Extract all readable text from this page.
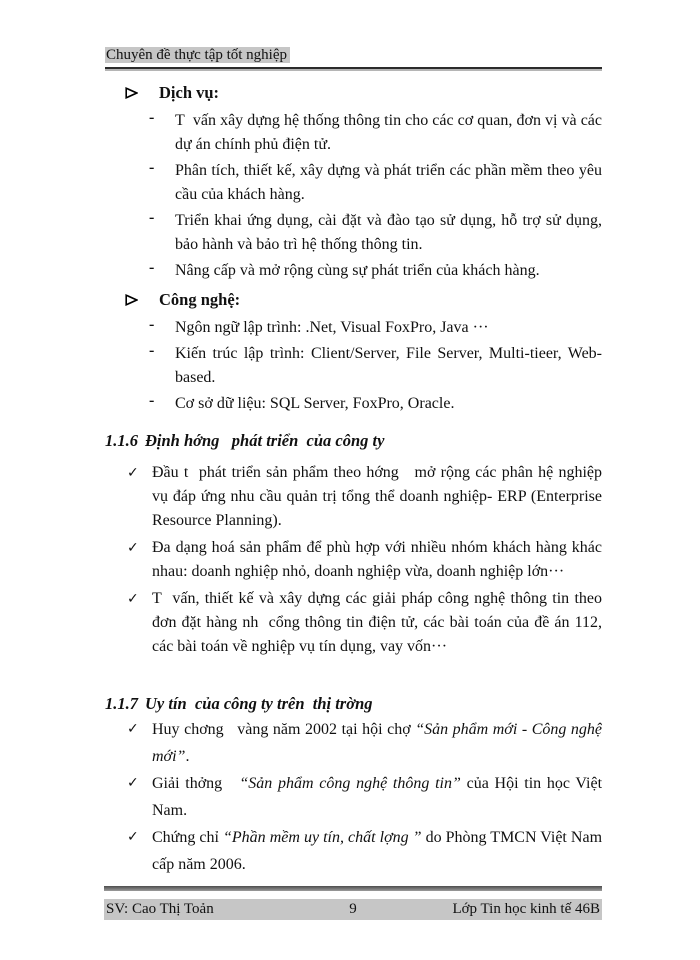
Chuyên đề thực tập tốt nghiệp
Dịch vụ:
- T  vấn xây dựng hệ thống thông tin cho các cơ quan, đơn vị và các dự án chính phủ điện tử.
- Phân tích, thiết kế, xây dựng và phát triển các phần mềm theo yêu cầu của khách hàng.
- Triển khai ứng dụng, cài đặt và đào tạo sử dụng, hỗ trợ sử dụng, bảo hành và bảo trì hệ thống thông tin.
- Nâng cấp và mở rộng cùng sự phát triển của khách hàng.
Công nghệ:
- Ngôn ngữ lập trình: .Net, Visual FoxPro, Java ···
- Kiến trúc lập trình: Client/Server, File Server, Multi-tieer, Web-based.
- Cơ sở dữ liệu: SQL Server, FoxPro, Oracle.
1.1.6 Định hớng   phát triển  của công ty
✓ Đầu t  phát triển sản phẩm theo hớng   mở rộng các phân hệ nghiệp vụ đáp ứng nhu cầu quản trị tổng thể doanh nghiệp- ERP (Enterprise Resource Planning).
✓ Đa dạng hoá sản phẩm để phù hợp với nhiều nhóm khách hàng khác nhau: doanh nghiệp nhỏ, doanh nghiệp vừa, doanh nghiệp lớn···
✓ T  vấn, thiết kế và xây dựng các giải pháp công nghệ thông tin theo đơn đặt hàng nh  cổng thông tin điện tử, các bài toán của đề án 112, các bài toán về nghiệp vụ tín dụng, vay vốn···
1.1.7 Uy tín  của công ty trên  thị trờng
✓ Huy chơng   vàng năm 2002 tại hội chợ “Sản phẩm mới - Công nghệ mới”.
✓ Giải thởng   “Sản phẩm công nghệ thông tin” của Hội tin học Việt Nam.
✓ Chứng chỉ “Phần mềm uy tín, chất lợng ” do Phòng TMCN Việt Nam cấp năm 2006.
SV: Cao Thị Toản	9	Lớp Tin học kinh tế 46B
